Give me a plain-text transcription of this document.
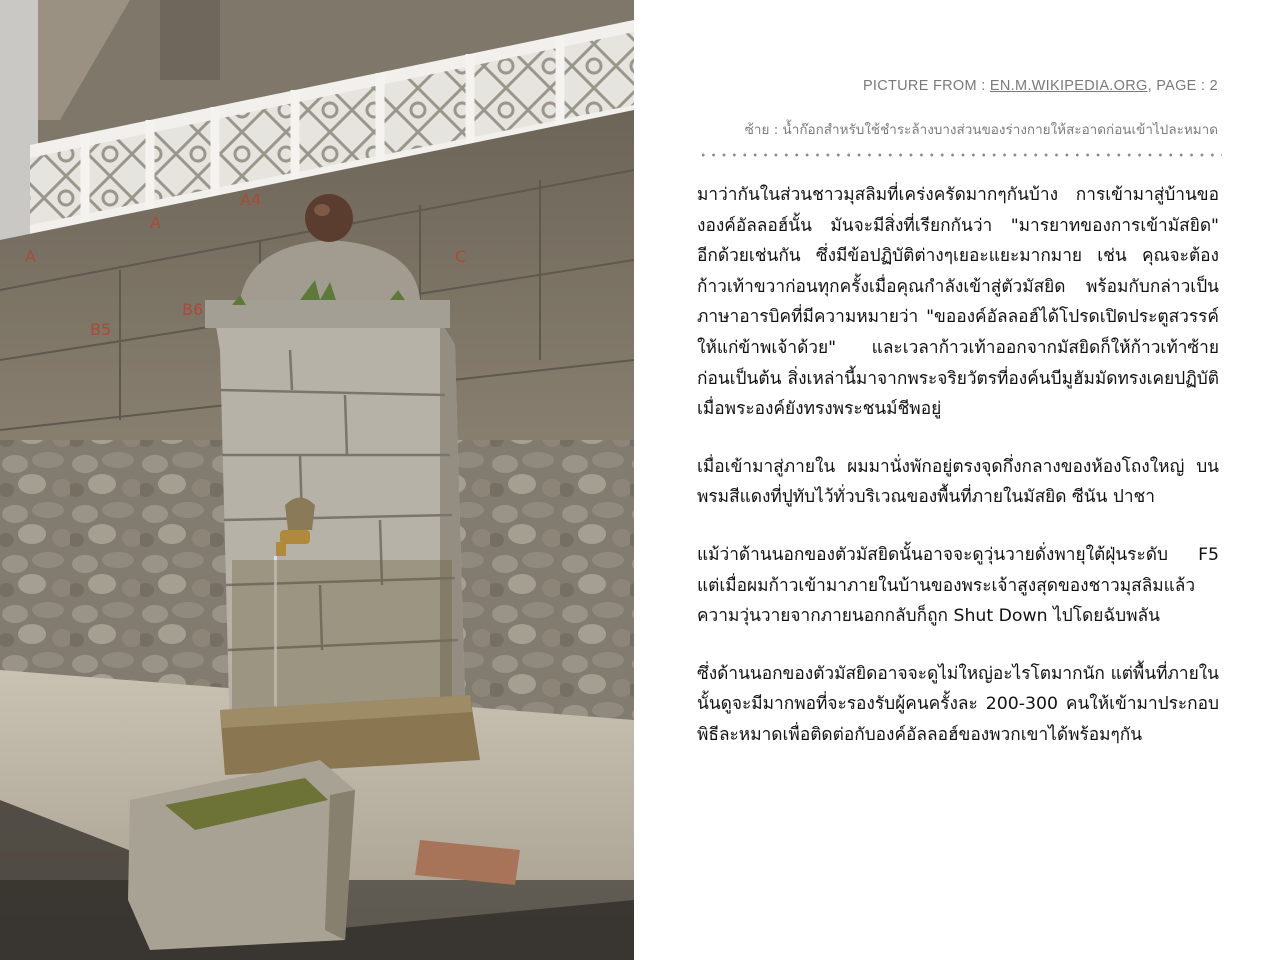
B5
B6
A
A
A4
C
PICTURE FROM : EN.M.WIKIPEDIA.ORG, PAGE : 2
ซ้าย : น้ำก๊อกสำหรับใช้ชำระล้างบางส่วนของร่างกายให้สะอาดก่อนเข้าไปละหมาด

มาว่ากันในส่วนชาวมุสลิมที่เคร่งครัดมากๆกันบ้าง การเข้ามาสู่บ้านขององค์อัลลอฮ์นั้น มันจะมีสิ่งที่เรียกกันว่า "มารยาทของการเข้ามัสยิด" อีกด้วยเช่นกัน ซึ่งมีข้อปฏิบัติต่างๆเยอะแยะมากมาย เช่น คุณจะต้องก้าวเท้าขวาก่อนทุกครั้งเมื่อคุณกำลังเข้าสู่ตัวมัสยิด พร้อมกับกล่าวเป็นภาษาอารบิคที่มีความหมายว่า "ขอองค์อัลลอฮ์ได้โปรดเปิดประตูสวรรค์ให้แก่ข้าพเจ้าด้วย" และเวลาก้าวเท้าออกจากมัสยิดก็ให้ก้าวเท้าซ้ายก่อนเป็นต้น สิ่งเหล่านี้มาจากพระจริยวัตรที่องค์นบีมูฮัมมัดทรงเคยปฏิบัติเมื่อพระองค์ยังทรงพระชนม์ชีพอยู่

เมื่อเข้ามาสู่ภายใน ผมมานั่งพักอยู่ตรงจุดกึ่งกลางของห้องโถงใหญ่ บนพรมสีแดงที่ปูทับไว้ทั่วบริเวณของพื้นที่ภายในมัสยิด ซีนัน ปาชา

แม้ว่าด้านนอกของตัวมัสยิดนั้นอาจจะดูวุ่นวายดั่งพายุใต้ฝุ่นระดับ F5 แต่เมื่อผมก้าวเข้ามาภายในบ้านของพระเจ้าสูงสุดของชาวมุสลิมแล้ว ความวุ่นวายจากภายนอกกลับก็ถูก Shut Down ไปโดยฉับพลัน

ซึ่งด้านนอกของตัวมัสยิดอาจจะดูไม่ใหญ่อะไรโตมากนัก แต่พื้นที่ภายในนั้นดูจะมีมากพอที่จะรองรับผู้คนครั้งละ 200-300 คนให้เข้ามาประกอบพิธีละหมาดเพื่อติดต่อกับองค์อัลลอฮ์ของพวกเขาได้พร้อมๆกัน
